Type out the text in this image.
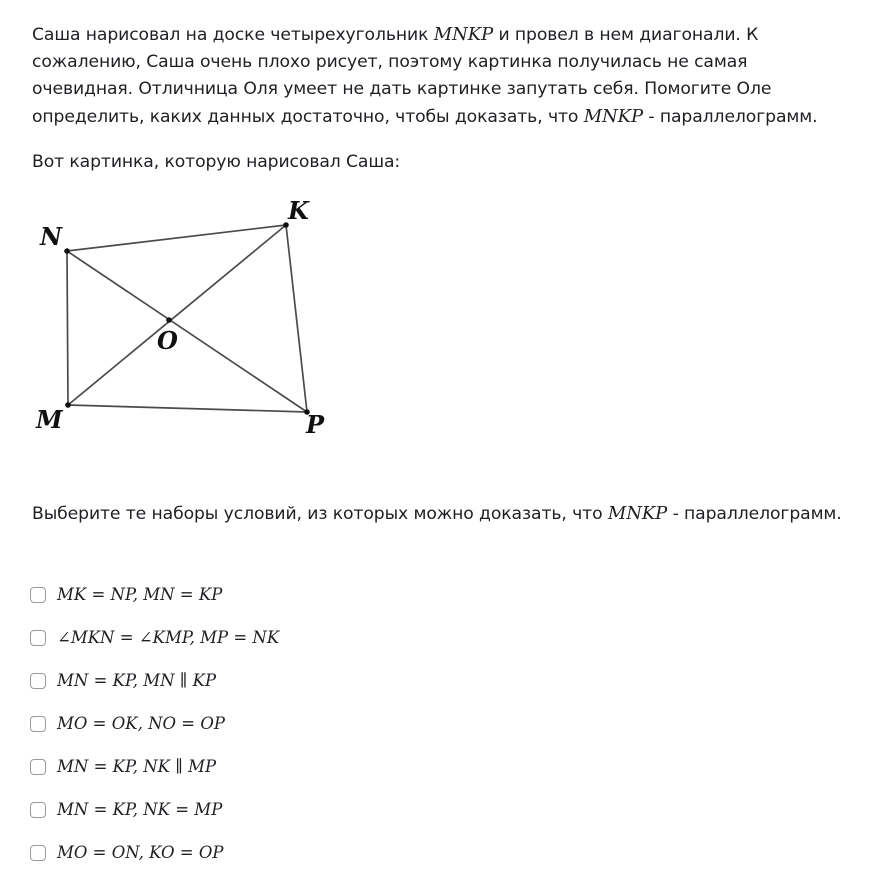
Саша нарисовал на доске четырехугольник MNKP и провел в нем диагонали. К сожалению, Саша очень плохо рисует, поэтому картинка получилась не самая очевидная. Отличница Оля умеет не дать картинке запутать себя. Помогите Оле определить, каких данных достаточно, чтобы доказать, что MNKP - параллелограмм.
Вот картинка, которую нарисовал Саша:
N
K
O
M	P
Выберите те наборы условий, из которых можно доказать, что MNKP - параллелограмм.
MK = NP, MN = KP
∠MKN = ∠KMP, MP = NK
MN = KP, MN ∥ KP
MO = OK, NO = OP
MN = KP, NK ∥ MP
MN = KP, NK = MP
MO = ON, KO = OP
